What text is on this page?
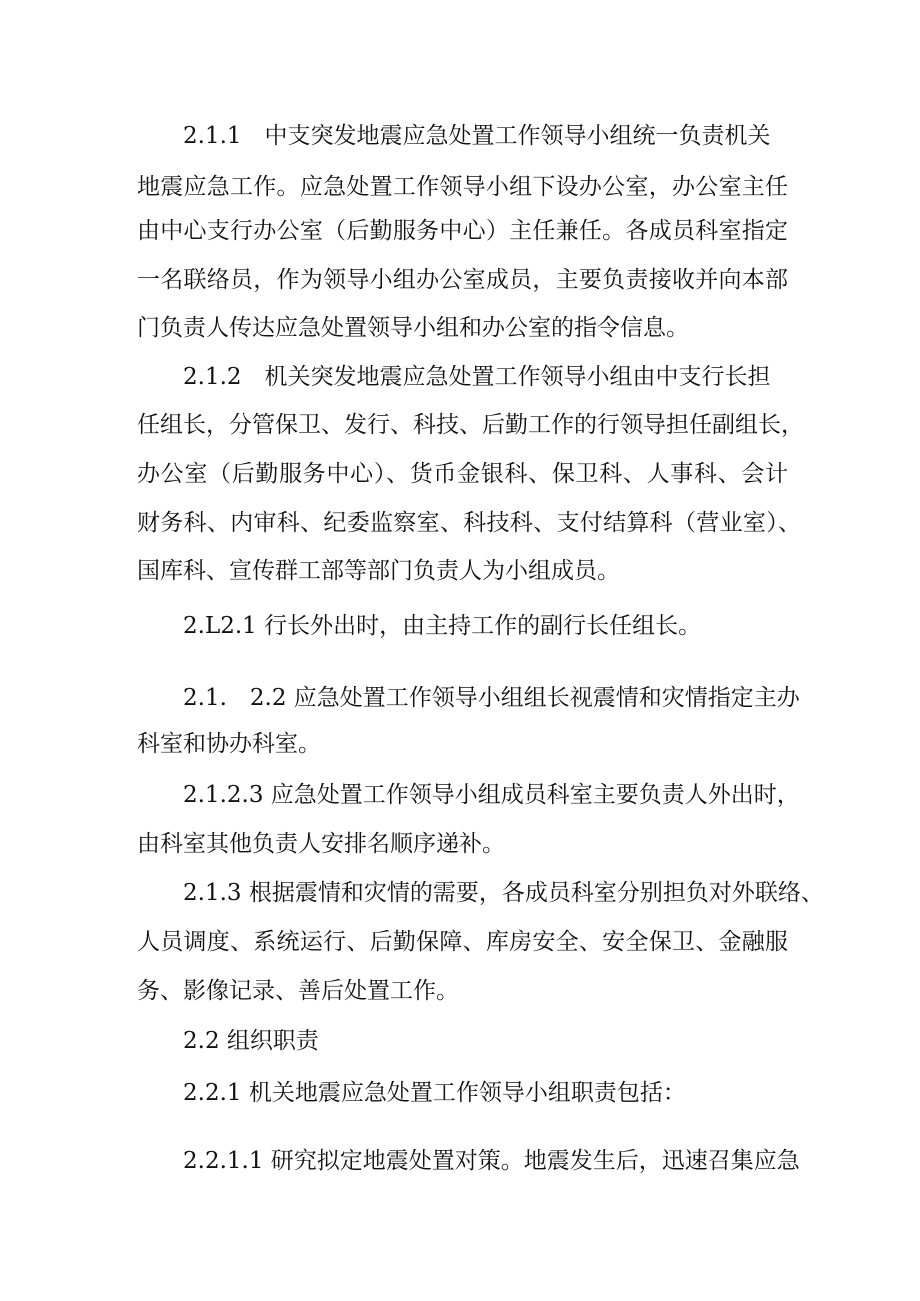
2.1.1　中支突发地震应急处置工作领导小组统一负责机关
地震应急工作。应急处置工作领导小组下设办公室，办公室主任
由中心支行办公室（后勤服务中心）主任兼任。各成员科室指定
一名联络员，作为领导小组办公室成员，主要负责接收并向本部
门负责人传达应急处置领导小组和办公室的指令信息。
2.1.2　机关突发地震应急处置工作领导小组由中支行长担
任组长，分管保卫、发行、科技、后勤工作的行领导担任副组长，
办公室（后勤服务中心）、货币金银科、保卫科、人事科、会计
财务科、内审科、纪委监察室、科技科、支付结算科（营业室）、
国库科、宣传群工部等部门负责人为小组成员。
2.L2.1 行长外出时，由主持工作的副行长任组长。
2.1.　2.2 应急处置工作领导小组组长视震情和灾情指定主办
科室和协办科室。
2.1.2.3 应急处置工作领导小组成员科室主要负责人外出时，
由科室其他负责人安排名顺序递补。
2.1.3 根据震情和灾情的需要，各成员科室分别担负对外联络、
人员调度、系统运行、后勤保障、库房安全、安全保卫、金融服
务、影像记录、善后处置工作。
2.2 组织职责
2.2.1 机关地震应急处置工作领导小组职责包括：
2.2.1.1 研究拟定地震处置对策。地震发生后，迅速召集应急
